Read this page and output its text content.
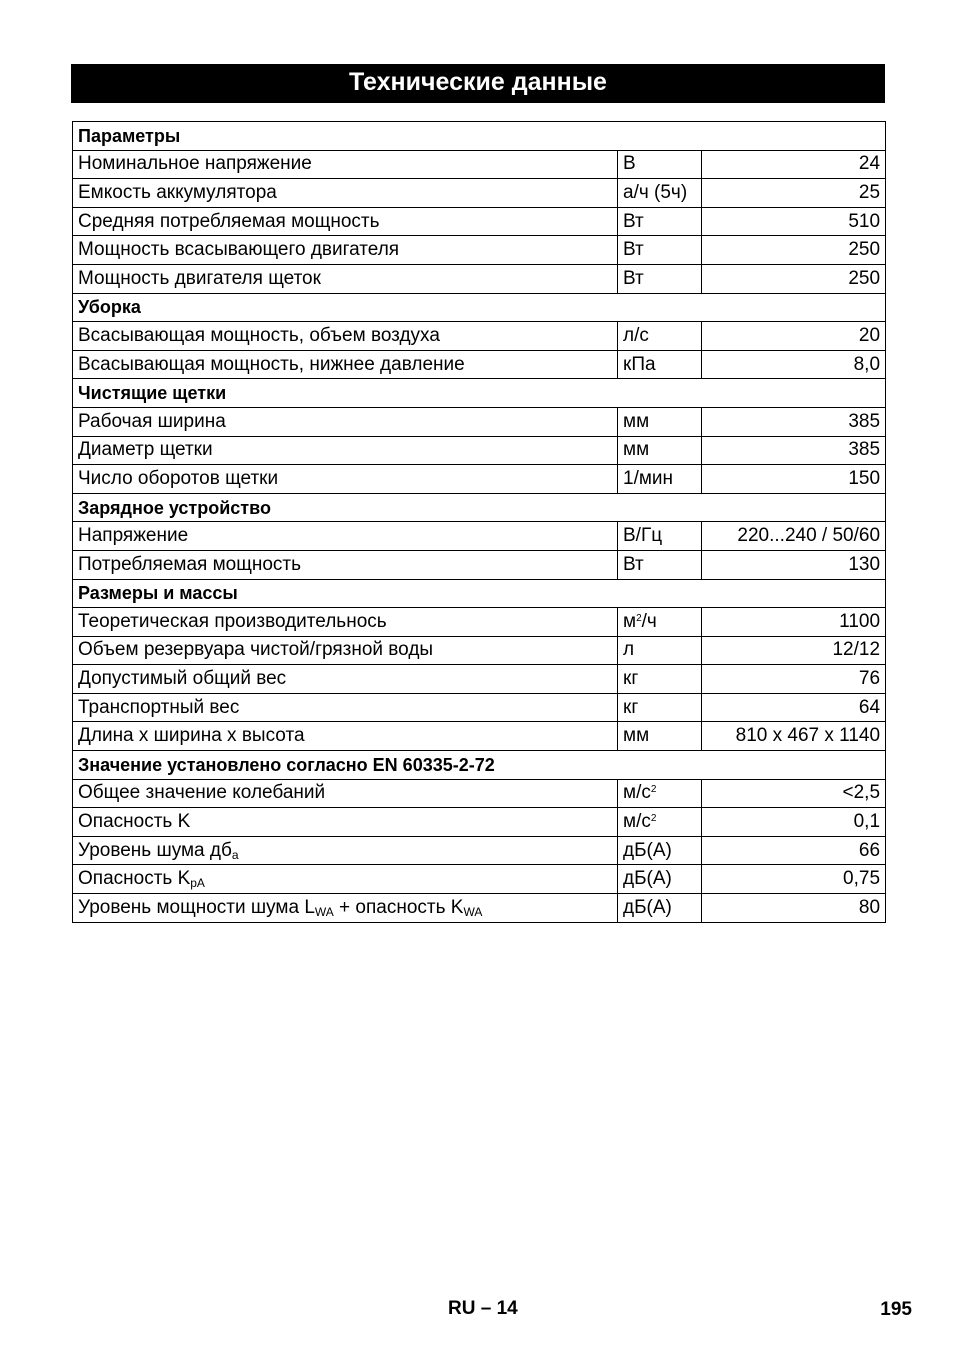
Технические данные
Параметры		
Номинальное напряжение	В	24
Емкость аккумулятора	а/ч (5ч)	25
Средняя потребляемая мощность	Вт	510
Мощность всасывающего двигателя	Вт	250
Мощность двигателя щеток	Вт	250
Уборка		
Всасывающая мощность, объем воздуха	л/с	20
Всасывающая мощность, нижнее давление	кПа	8,0
Чистящие щетки		
Рабочая ширина	мм	385
Диаметр щетки	мм	385
Число оборотов щетки	1/мин	150
Зарядное устройство		
Напряжение	В/Гц	220...240 / 50/60
Потребляемая мощность	Вт	130
Размеры и массы		
Теоретическая производительнось	$м^2/ч$	1100
Объем резервуара чистой/грязной воды	л	12/12
Допустимый общий вес	кг	76
Транспортный вес	кг	64
Длина х ширина х высота	мм	810 x 467 x 1140
Значение установлено согласно EN 60335-2-72		
Общее значение колебаний	$м/с^2$	<2,5
Опасность K	$м/с^2$	0,1
Уровень шума $дб_a$	дБ(А)	66
Опасность $K_{pA}$	дБ(А)	0,75
Уровень мощности шума $L_{WA}$ + опасность $K_{WA}$	дБ(А)	80
RU – 14	195
